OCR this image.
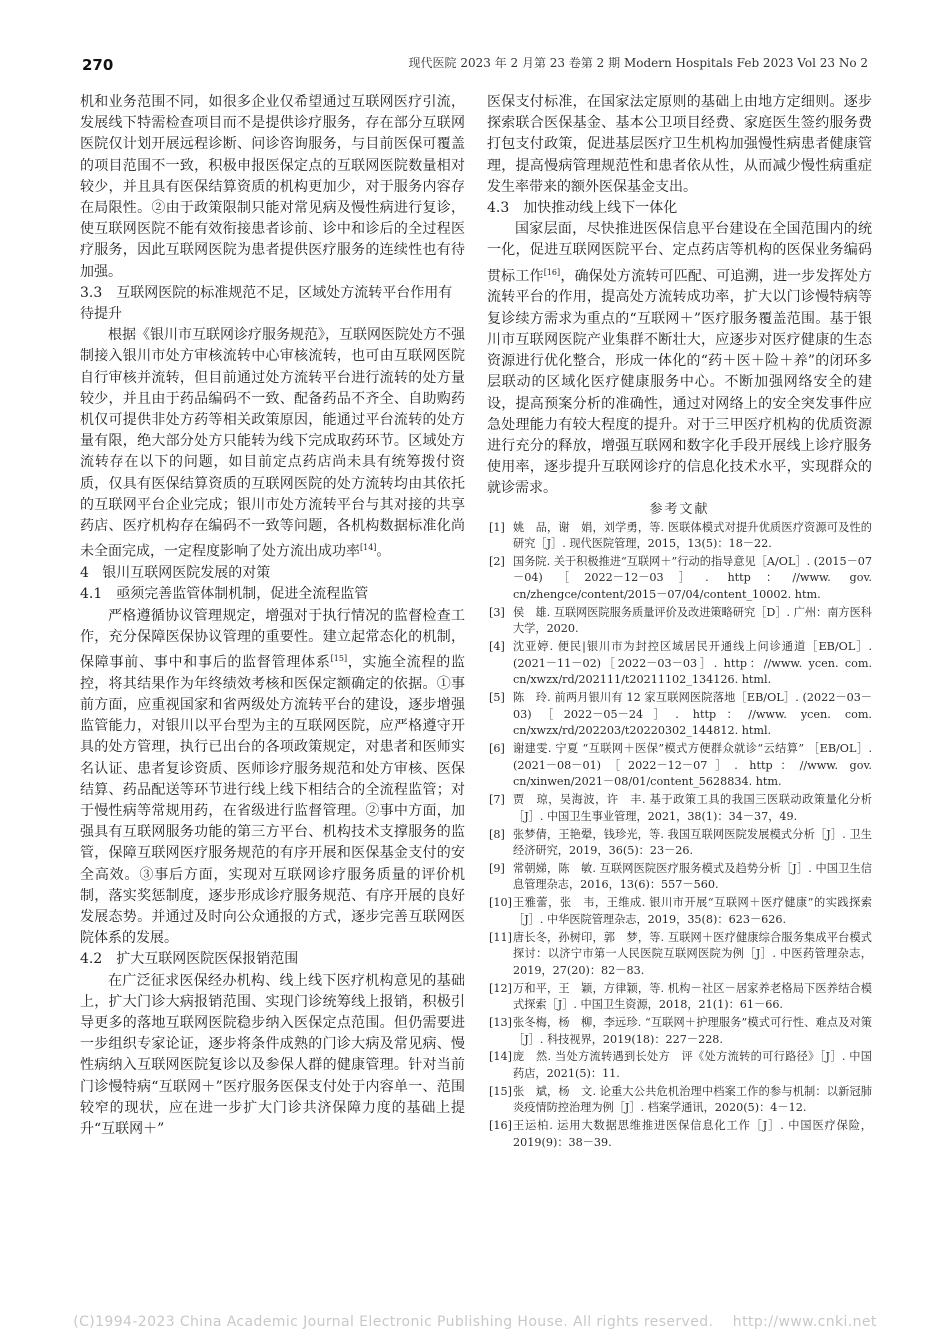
270	现代医院 2023 年 2 月第 23 卷第 2 期 Modern Hospitals Feb 2023 Vol 23 No 2

机和业务范围不同，如很多企业仅希望通过互联网医疗引流，发展线下特需检查项目而不是提供诊疗服务，存在部分互联网医院仅计划开展远程诊断、问诊咨询服务，与目前医保可覆盖的项目范围不一致，积极申报医保定点的互联网医院数量相对较少，并且具有医保结算资质的机构更加少，对于服务内容存在局限性。②由于政策限制只能对常见病及慢性病进行复诊，使互联网医院不能有效衔接患者诊前、诊中和诊后的全过程医疗服务，因此互联网医院为患者提供医疗服务的连续性也有待加强。

3.3 互联网医院的标准规范不足，区域处方流转平台作用有待提升

根据《银川市互联网诊疗服务规范》，互联网医院处方不强制接入银川市处方审核流转中心审核流转，也可由互联网医院自行审核并流转，但目前通过处方流转平台进行流转的处方量较少，并且由于药品编码不一致、配备药品不齐全、自助购药机仅可提供非处方药等相关政策原因，能通过平台流转的处方量有限，绝大部分处方只能转为线下完成取药环节。区域处方流转存在以下的问题，如目前定点药店尚未具有统筹拨付资质，仅具有医保结算资质的互联网医院的处方流转均由其依托的互联网平台企业完成；银川市处方流转平台与其对接的共享药店、医疗机构存在编码不一致等问题，各机构数据标准化尚未全面完成，一定程度影响了处方流出成功率[14]。

4   银川互联网医院发展的对策

4.1 亟须完善监管体制机制，促进全流程监管

严格遵循协议管理规定，增强对于执行情况的监督检查工作，充分保障医保协议管理的重要性。建立起常态化的机制，保障事前、事中和事后的监督管理体系[15]，实施全流程的监控，将其结果作为年终绩效考核和医保定额确定的依据。①事前方面，应重视国家和省两级处方流转平台的建设，逐步增强监管能力，对银川以平台型为主的互联网医院，应严格遵守开具的处方管理，执行已出台的各项政策规定，对患者和医师实名认证、患者复诊资质、医师诊疗服务规范和处方审核、医保结算、药品配送等环节进行线上线下相结合的全流程监管；对于慢性病等常规用药，在省级进行监督管理。②事中方面，加强具有互联网服务功能的第三方平台、机构技术支撑服务的监管，保障互联网医疗服务规范的有序开展和医保基金支付的安全高效。③事后方面，实现对互联网诊疗服务质量的评价机制，落实奖惩制度，逐步形成诊疗服务规范、有序开展的良好发展态势。并通过及时向公众通报的方式，逐步完善互联网医院体系的发展。

4.2 扩大互联网医院医保报销范围

在广泛征求医保经办机构、线上线下医疗机构意见的基础上，扩大门诊大病报销范围、实现门诊统筹线上报销，积极引导更多的落地互联网医院稳步纳入医保定点范围。但仍需要进一步组织专家论证，逐步将条件成熟的门诊大病及常见病、慢性病纳入互联网医院复诊以及参保人群的健康管理。针对当前门诊慢特病“互联网＋”医疗服务医保支付处于内容单一、范围较窄的现状，应在进一步扩大门诊共济保障力度的基础上提升“互联网＋”

医保支付标准，在国家法定原则的基础上由地方定细则。逐步探索联合医保基金、基本公卫项目经费、家庭医生签约服务费打包支付政策，促进基层医疗卫生机构加强慢性病患者健康管理，提高慢病管理规范性和患者依从性，从而减少慢性病重症发生率带来的额外医保基金支出。

4.3 加快推动线上线下一体化

国家层面，尽快推进医保信息平台建设在全国范围内的统一化，促进互联网医院平台、定点药店等机构的医保业务编码贯标工作[16]，确保处方流转可匹配、可追溯，进一步发挥处方流转平台的作用，提高处方流转成功率，扩大以门诊慢特病等复诊续方需求为重点的“互联网＋”医疗服务覆盖范围。基于银川市互联网医院产业集群不断壮大，应逐步对医疗健康的生态资源进行优化整合，形成一体化的“药＋医＋险＋养”的闭环多层联动的区域化医疗健康服务中心。不断加强网络安全的建设，提高预案分析的准确性，通过对网络上的安全突发事件应急处理能力有较大程度的提升。对于三甲医疗机构的优质资源进行充分的释放，增强互联网和数字化手段开展线上诊疗服务使用率，逐步提升互联网诊疗的信息化技术水平，实现群众的就诊需求。

参考文献

[1] 姚　品，谢　娟，刘学勇，等. 医联体模式对提升优质医疗资源可及性的研究［J］. 现代医院管理，2015，13(5)：18－22.

[2] 国务院. 关于积极推进“互联网＋”行动的指导意见［A/OL］. (2015－07－04)［2022－12－03］. http：//www. gov. cn/zhengce/content/2015－07/04/content_10002. htm.

[3] 侯　雄. 互联网医院服务质量评价及改进策略研究［D］. 广州：南方医科大学，2020.

[4] 沈亚婷. 便民|银川市为封控区域居民开通线上问诊通道［EB/OL］. (2021－11－02)［2022－03－03］. http：//www. ycen. com. cn/xwzx/rd/202111/t20211102_134126. html.

[5] 陈　玲. 前两月银川有 12 家互联网医院落地［EB/OL］. (2022－03－03)［2022－05－24］. http：//www. ycen. com. cn/xwzx/rd/202203/t20220302_144812. html.

[6] 谢建雯. 宁夏 “互联网＋医保”模式方便群众就诊“云结算” ［EB/OL］. (2021－08－01)［2022－12－07］. http：//www. gov. cn/xinwen/2021－08/01/content_5628834. htm.

[7] 贾　琼，吴海波，许　丰. 基于政策工具的我国三医联动政策量化分析［J］. 中国卫生事业管理，2021，38(1)：34－37，49.

[8] 张梦倩，王艳翚，钱珍光，等. 我国互联网医院发展模式分析［J］. 卫生经济研究，2019，36(5)：23－26.

[9] 常朝娣，陈　敏. 互联网医院医疗服务模式及趋势分析［J］. 中国卫生信息管理杂志，2016，13(6)：557－560.

[10] 王雅蕾，张　韦，王维成. 银川市开展“互联网＋医疗健康”的实践探索［J］. 中华医院管理杂志，2019，35(8)：623－626.

[11] 唐长冬，孙树印，郭　梦，等. 互联网＋医疗健康综合服务集成平台模式探讨：以济宁市第一人民医院互联网医院为例［J］. 中医药管理杂志，2019，27(20)：82－83.

[12] 万和平，王　颖，方律颖，等. 机构－社区－居家养老格局下医养结合模式探索［J］. 中国卫生资源，2018，21(1)：61－66.

[13] 张冬梅，杨　柳，李远珍. “互联网＋护理服务”模式可行性、难点及对策［J］. 科技视界，2019(18)：227－228.

[14] 庞　然. 当处方流转遇到长处方　评《处方流转的可行路径》［J］. 中国药店，2021(5)：11.

[15] 张　斌，杨　文. 论重大公共危机治理中档案工作的参与机制：以新冠肺炎疫情防控治理为例［J］. 档案学通讯，2020(5)：4－12.

[16] 王运柏. 运用大数据思维推进医保信息化工作［J］. 中国医疗保险，2019(9)：38－39.

(C)1994-2023 China Academic Journal Electronic Publishing House. All rights reserved.    http://www.cnki.net
